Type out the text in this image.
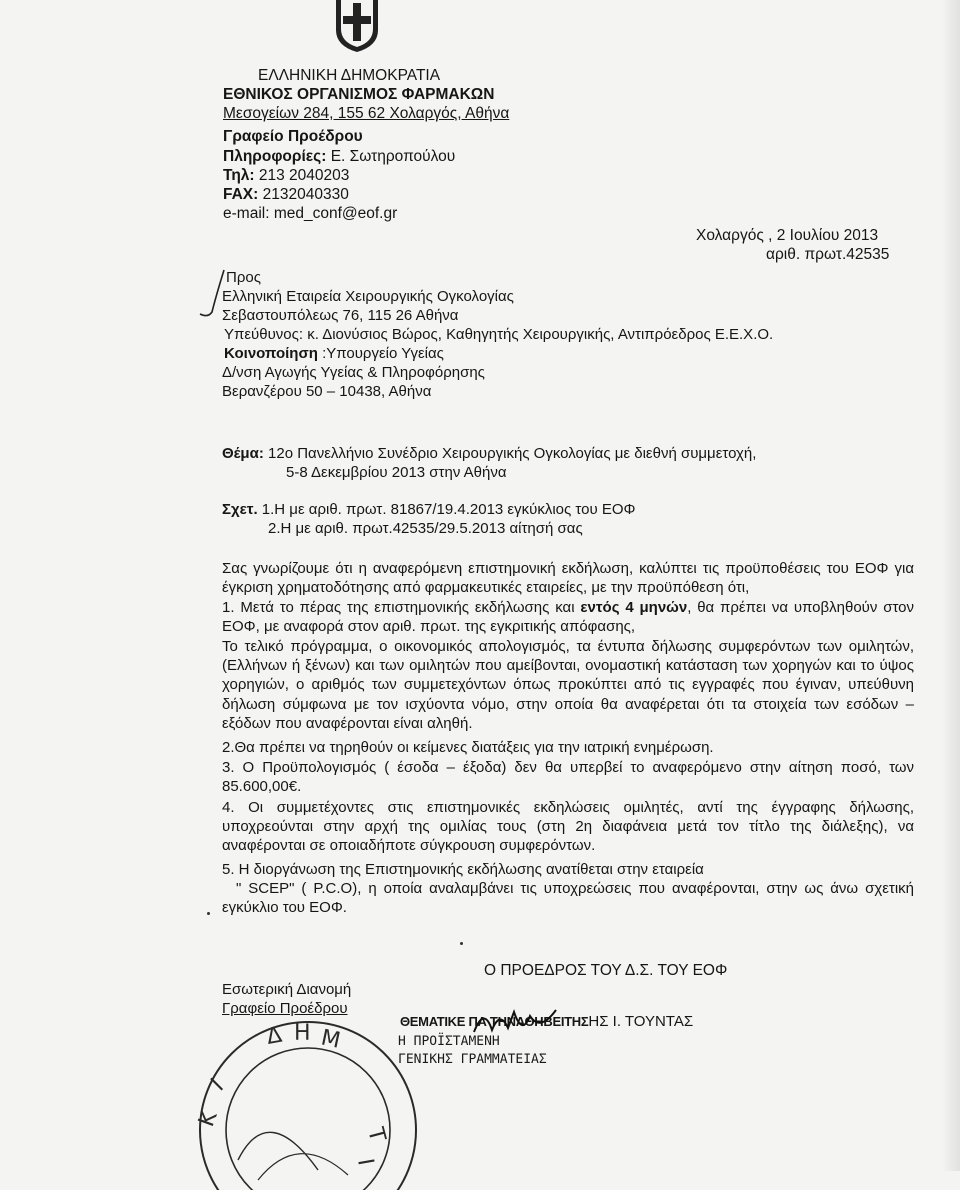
ΕΛΛΗΝΙΚΗ ΔΗΜΟΚΡΑΤΙΑ
ΕΘΝΙΚΟΣ ΟΡΓΑΝΙΣΜΟΣ ΦΑΡΜΑΚΩΝ
Μεσογείων 284, 155 62 Χολαργός, Αθήνα
Γραφείο Προέδρου
Πληροφορίες: Ε. Σωτηροπούλου
Τηλ: 213 2040203
FAX: 2132040330
e-mail: med_conf@eof.gr
Χολαργός , 2 Ιουλίου 2013
αριθ. πρωτ.42535
Προς
Ελληνική Εταιρεία Χειρουργικής Ογκολογίας
Σεβαστουπόλεως 76, 115 26 Αθήνα
Υπεύθυνος: κ. Διονύσιος Βώρος, Καθηγητής Χειρουργικής, Αντιπρόεδρος Ε.Ε.Χ.Ο.
Κοινοποίηση :Υπουργείο Υγείας
Δ/νση Αγωγής Υγείας & Πληροφόρησης
Βερανζέρου 50 – 10438, Αθήνα
Θέμα: 12ο Πανελλήνιο Συνέδριο Χειρουργικής Ογκολογίας με διεθνή συμμετοχή,
5-8 Δεκεμβρίου 2013 στην Αθήνα
Σχετ. 1.Η με αριθ. πρωτ. 81867/19.4.2013 εγκύκλιος του ΕΟΦ
2.Η με αριθ. πρωτ.42535/29.5.2013 αίτησή σας
Σας γνωρίζουμε ότι η αναφερόμενη επιστημονική εκδήλωση, καλύπτει τις προϋποθέσεις του ΕΟΦ για έγκριση χρηματοδότησης από φαρμακευτικές εταιρείες, με την προϋπόθεση ότι,
1. Μετά το πέρας της επιστημονικής εκδήλωσης και εντός 4 μηνών, θα πρέπει να υποβληθούν στον ΕΟΦ, με αναφορά στον αριθ. πρωτ. της εγκριτικής απόφασης,
Το τελικό πρόγραμμα, ο οικονομικός απολογισμός, τα έντυπα δήλωσης συμφερόντων των ομιλητών, (Ελλήνων ή ξένων) και των ομιλητών που αμείβονται, ονομαστική κατάσταση των χορηγών και το ύψος χορηγιών, ο αριθμός των συμμετεχόντων όπως προκύπτει από τις εγγραφές που έγιναν, υπεύθυνη δήλωση σύμφωνα με τον ισχύοντα νόμο, στην οποία θα αναφέρεται ότι τα στοιχεία των εσόδων – εξόδων που αναφέρονται είναι αληθή.
2.Θα πρέπει να τηρηθούν οι κείμενες διατάξεις για την ιατρική ενημέρωση.
3. Ο Προϋπολογισμός ( έσοδα – έξοδα) δεν θα υπερβεί το αναφερόμενο στην αίτηση ποσό, των 85.600,00€.
4. Οι συμμετέχοντες στις επιστημονικές εκδηλώσεις ομιλητές, αντί της έγγραφης δήλωσης, υποχρεούνται στην αρχή της ομιλίας τους (στη 2η διαφάνεια μετά τον τίτλο της διάλεξης), να αναφέρονται σε οποιαδήποτε σύγκρουση συμφερόντων.
5. Η διοργάνωση της Επιστημονικής εκδήλωσης ανατίθεται στην εταιρεία
" SCEP" ( P.C.O), η οποία αναλαμβάνει τις υποχρεώσεις που αναφέρονται, στην ως άνω σχετική εγκύκλιο του ΕΟΦ.
Ο ΠΡΟΕΔΡΟΣ ΤΟΥ Δ.Σ. ΤΟΥ ΕΟΦ
Εσωτερική Διανομή
Γραφείο Προέδρου
ΘΕΜΑΤΙΚΕ ΠΑ ΤΗΝΑΘΗΒΕΙΤΗΣΗΣ Ι. ΤΟΥΝΤΑΣ
Η ΠΡΟΪΣΤΑΜΕΝΗ
ΓΕΝΙΚΗΣ ΓΡΑΜΜΑΤΕΙΑΣ
Δ Η Μ
Ι
Κ
Τ
Ι
